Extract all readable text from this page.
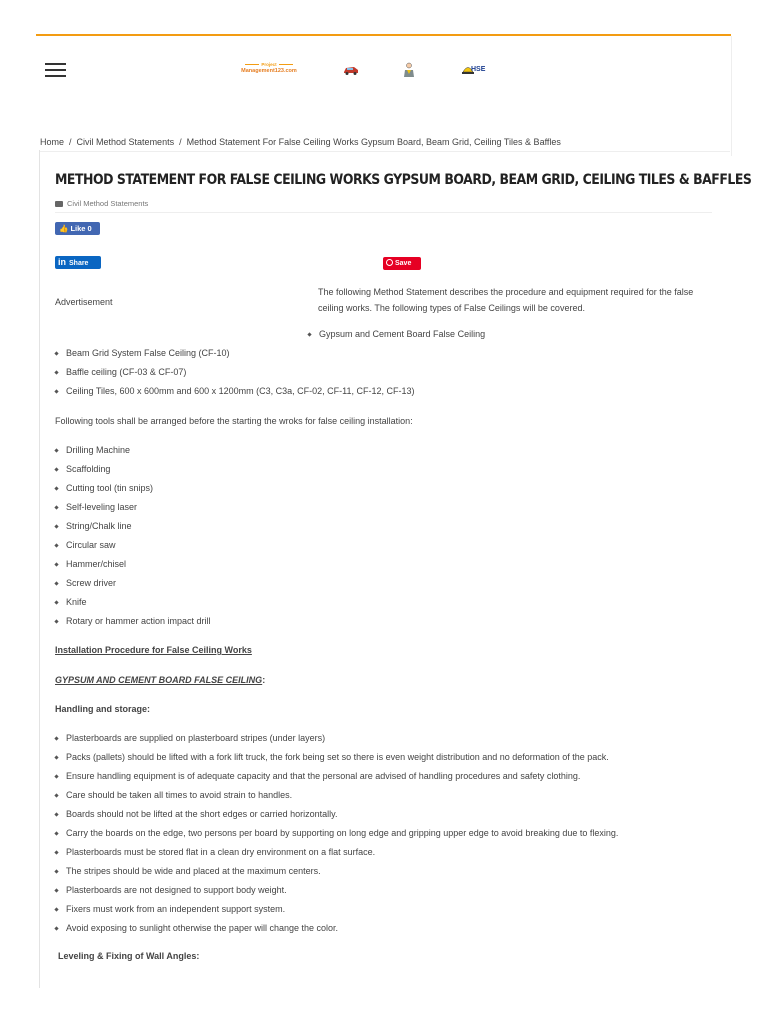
Project
Management123.com	HSE
Home / Civil Method Statements / Method Statement For False Ceiling Works Gypsum Board, Beam Grid, Ceiling Tiles & Baffles
METHOD STATEMENT FOR FALSE CEILING WORKS GYPSUM BOARD, BEAM GRID, CEILING TILES & BAFFLES
Civil Method Statements
👍 Like 0
in Share	Save
Advertisement

The following Method Statement describes the procedure and equipment required for the false ceiling works. The following types of False Ceilings will be covered.

Gypsum and Cement Board False Ceiling
Beam Grid System False Ceiling (CF-10)
Baffle ceiling (CF-03 & CF-07)
Ceiling Tiles, 600 x 600mm and 600 x 1200mm (C3, C3a, CF-02, CF-11, CF-12, CF-13)

Following tools shall be arranged before the starting the wroks for false ceiling installation:

Drilling Machine
Scaffolding
Cutting tool (tin snips)
Self-leveling laser
String/Chalk line
Circular saw
Hammer/chisel
Screw driver
Knife
Rotary or hammer action impact drill

Installation Procedure for False Ceiling Works

GYPSUM AND CEMENT BOARD FALSE CEILING:

Handling and storage:

Plasterboards are supplied on plasterboard stripes (under layers)
Packs (pallets) should be lifted with a fork lift truck, the fork being set so there is even weight distribution and no deformation of the pack.
Ensure handling equipment is of adequate capacity and that the personal are advised of handling procedures and safety clothing.
Care should be taken all times to avoid strain to handles.
Boards should not be lifted at the short edges or carried horizontally.
Carry the boards on the edge, two persons per board by supporting on long edge and gripping upper edge to avoid breaking due to flexing.
Plasterboards must be stored flat in a clean dry environment on a flat surface.
The stripes should be wide and placed at the maximum centers.
Plasterboards are not designed to support body weight.
Fixers must work from an independent support system.
Avoid exposing to sunlight otherwise the paper will change the color.

Leveling & Fixing of Wall Angles:
